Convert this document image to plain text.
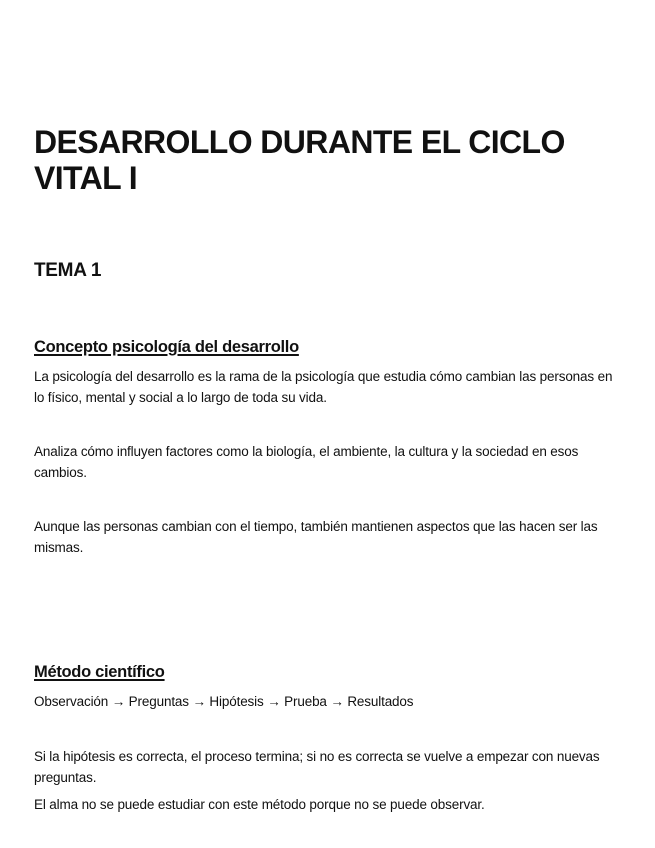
DESARROLLO DURANTE EL CICLO VITAL I
TEMA 1
Concepto psicología del desarrollo

La psicología del desarrollo es la rama de la psicología que estudia cómo cambian las personas en lo físico, mental y social a lo largo de toda su vida.

Analiza cómo influyen factores como la biología, el ambiente, la cultura y la sociedad en esos cambios.

Aunque las personas cambian con el tiempo, también mantienen aspectos que las hacen ser las mismas.

Método científico

Observación → Preguntas → Hipótesis → Prueba → Resultados

Si la hipótesis es correcta, el proceso termina; si no es correcta se vuelve a empezar con nuevas preguntas.

El alma no se puede estudiar con este método porque no se puede observar.
